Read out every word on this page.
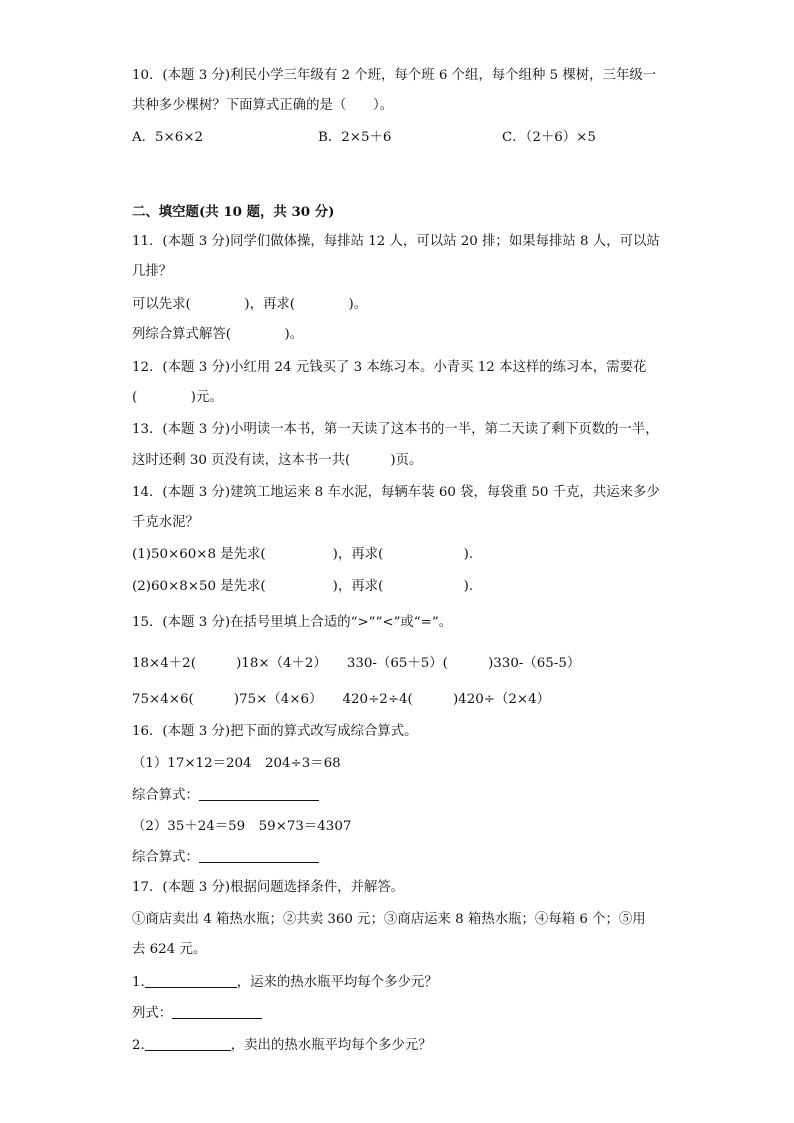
10．(本题 3 分)利民小学三年级有 2 个班，每个班 6 个组，每个组种 5 棵树，三年级一
共种多少棵树？下面算式正确的是（　　）。
A．5×6×2	B．2×5＋6	C．（2＋6）×5
二、填空题(共 10 题，共 30 分)
11．(本题 3 分)同学们做体操，每排站 12 人，可以站 20 排；如果每排站 8 人，可以站
几排？
可以先求(　　　　)，再求(　　　　)。
列综合算式解答(　　　　)。
12．(本题 3 分)小红用 24 元钱买了 3 本练习本。小青买 12 本这样的练习本，需要花
(　　　　)元。
13．(本题 3 分)小明读一本书，第一天读了这本书的一半，第二天读了剩下页数的一半，
这时还剩 30 页没有读，这本书一共(　　　)页。
14．(本题 3 分)建筑工地运来 8 车水泥，每辆车装 60 袋，每袋重 50 千克，共运来多少
千克水泥？
(1)50×60×8 是先求(　　　　　)，再求(　　　　　　).
(2)60×8×50 是先求(　　　　　)，再求(　　　　　　).
15．(本题 3 分)在括号里填上合适的“>”“<”或“=”。
18×4＋2(　　　)18×（4＋2）　　330-（65＋5）(　　　)330-（65-5）
75×4×6(　　　)75×（4×6）　　420÷2÷4(　　　)420÷（2×4）
16．(本题 3 分)把下面的算式改写成综合算式。
（1）17×12＝204　204÷3＝68
综合算式：
（2）35＋24＝59　59×73＝4307
综合算式：
17．(本题 3 分)根据问题选择条件，并解答。
①商店卖出 4 箱热水瓶；②共卖 360 元；③商店运来 8 箱热水瓶；④每箱 6 个；⑤用
去 624 元。
1.	，运来的热水瓶平均每个多少元？
列式：
2.	，卖出的热水瓶平均每个多少元？
